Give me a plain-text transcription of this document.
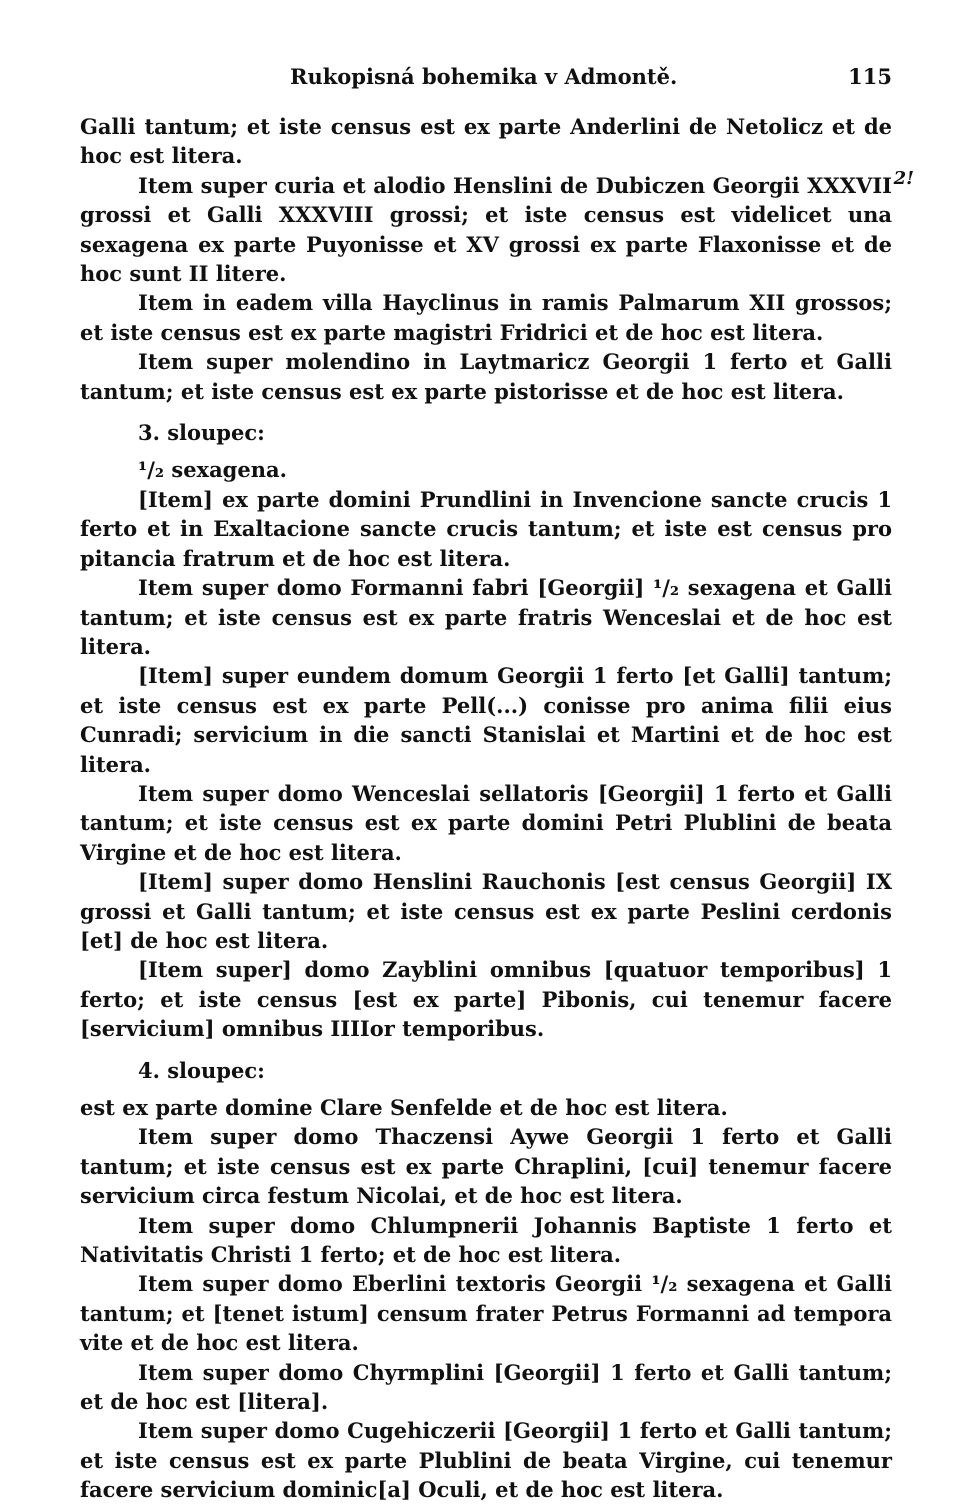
Rukopisná bohemika v Admontě.	115
2!

Galli tantum; et iste census est ex parte Anderlini de Netolicz et de hoc est litera.

Item super curia et alodio Henslini de Dubiczen Georgii XXXVII grossi et Galli XXXVIII grossi; et iste census est videlicet una sexagena ex parte Puyonisse et XV grossi ex parte Flaxonisse et de hoc sunt II litere.

Item in eadem villa Hayclinus in ramis Palmarum XII grossos; et iste census est ex parte magistri Fridrici et de hoc est litera.

Item super molendino in Laytmaricz Georgii 1 ferto et Galli tantum; et iste census est ex parte pistorisse et de hoc est litera.

3. sloupec:

¹/₂ sexagena.

[Item] ex parte domini Prundlini in Invencione sancte crucis 1 ferto et in Exaltacione sancte crucis tantum; et iste est census pro pitancia fratrum et de hoc est litera.

Item super domo Formanni fabri [Georgii] ¹/₂ sexagena et Galli tantum; et iste census est ex parte fratris Wenceslai et de hoc est litera.

[Item] super eundem domum Georgii 1 ferto [et Galli] tantum; et iste census est ex parte Pell(...) conisse pro anima filii eius Cunradi; servicium in die sancti Stanislai et Martini et de hoc est litera.

Item super domo Wenceslai sellatoris [Georgii] 1 ferto et Galli tantum; et iste census est ex parte domini Petri Plublini de beata Virgine et de hoc est litera.

[Item] super domo Henslini Rauchonis [est census Georgii] IX grossi et Galli tantum; et iste census est ex parte Peslini cerdonis [et] de hoc est litera.

[Item super] domo Zayblini omnibus [quatuor temporibus] 1 ferto; et iste census [est ex parte] Pibonis, cui tenemur facere [servicium] omnibus IIIIor temporibus.

4. sloupec:

est ex parte domine Clare Senfelde et de hoc est litera.

Item super domo Thaczensi Aywe Georgii 1 ferto et Galli tantum; et iste census est ex parte Chraplini, [cui] tenemur facere servicium circa festum Nicolai, et de hoc est litera.

Item super domo Chlumpnerii Johannis Baptiste 1 ferto et Nativitatis Christi 1 ferto; et de hoc est litera.

Item super domo Eberlini textoris Georgii ¹/₂ sexagena et Galli tantum; et [tenet istum] censum frater Petrus Formanni ad tempora vite et de hoc est litera.

Item super domo Chyrmplini [Georgii] 1 ferto et Galli tantum; et de hoc est [litera].

Item super domo Cugehiczerii [Georgii] 1 ferto et Galli tantum; et iste census est ex parte Plublini de beata Virgine, cui tenemur facere servicium dominic[a] Oculi, et de hoc est litera.
